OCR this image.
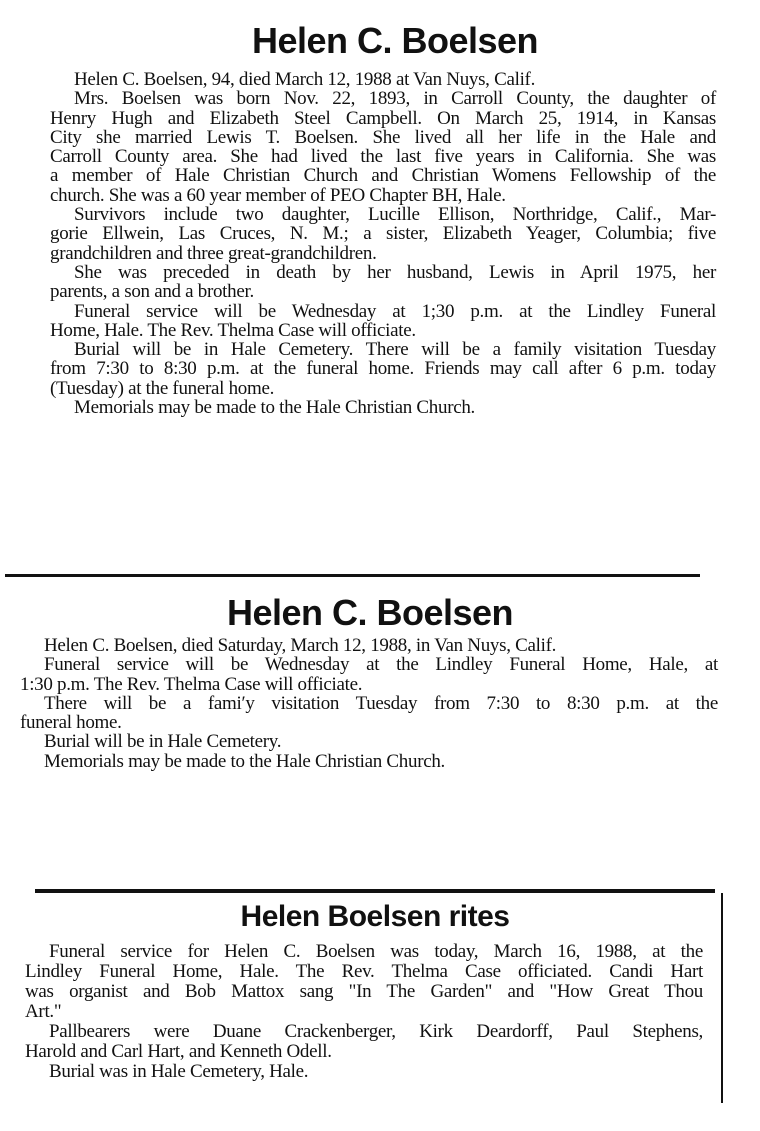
Helen C. Boelsen
Helen C. Boelsen, 94, died March 12, 1988 at Van Nuys, Calif.
Mrs. Boelsen was born Nov. 22, 1893, in Carroll County, the daughter of
Henry Hugh and Elizabeth Steel Campbell. On March 25, 1914, in Kansas
City she married Lewis T. Boelsen. She lived all her life in the Hale and
Carroll County area. She had lived the last five years in California. She was
a member of Hale Christian Church and Christian Womens Fellowship of the
church. She was a 60 year member of PEO Chapter BH, Hale.
Survivors include two daughter, Lucille Ellison, Northridge, Calif., Mar-
gorie Ellwein, Las Cruces, N. M.; a sister, Elizabeth Yeager, Columbia; five
grandchildren and three great-grandchildren.
She was preceded in death by her husband, Lewis in April 1975, her
parents, a son and a brother.
Funeral service will be Wednesday at 1;30 p.m. at the Lindley Funeral
Home, Hale. The Rev. Thelma Case will officiate.
Burial will be in Hale Cemetery. There will be a family visitation Tuesday
from 7:30 to 8:30 p.m. at the funeral home. Friends may call after 6 p.m. today
(Tuesday) at the funeral home.
Memorials may be made to the Hale Christian Church.
Helen C. Boelsen
Helen C. Boelsen, died Saturday, March 12, 1988, in Van Nuys, Calif.
Funeral service will be Wednesday at the Lindley Funeral Home, Hale, at
1:30 p.m. The Rev. Thelma Case will officiate.
There will be a famiʹy visitation Tuesday from 7:30 to 8:30 p.m. at the
funeral home.
Burial will be in Hale Cemetery.
Memorials may be made to the Hale Christian Church.
Helen Boelsen rites
Funeral service for Helen C. Boelsen was today, March 16, 1988, at the
Lindley Funeral Home, Hale. The Rev. Thelma Case officiated. Candi Hart
was organist and Bob Mattox sang "In The Garden" and "How Great Thou
Art."
Pallbearers were Duane Crackenberger, Kirk Deardorff, Paul Stephens,
Harold and Carl Hart, and Kenneth Odell.
Burial was in Hale Cemetery, Hale.
